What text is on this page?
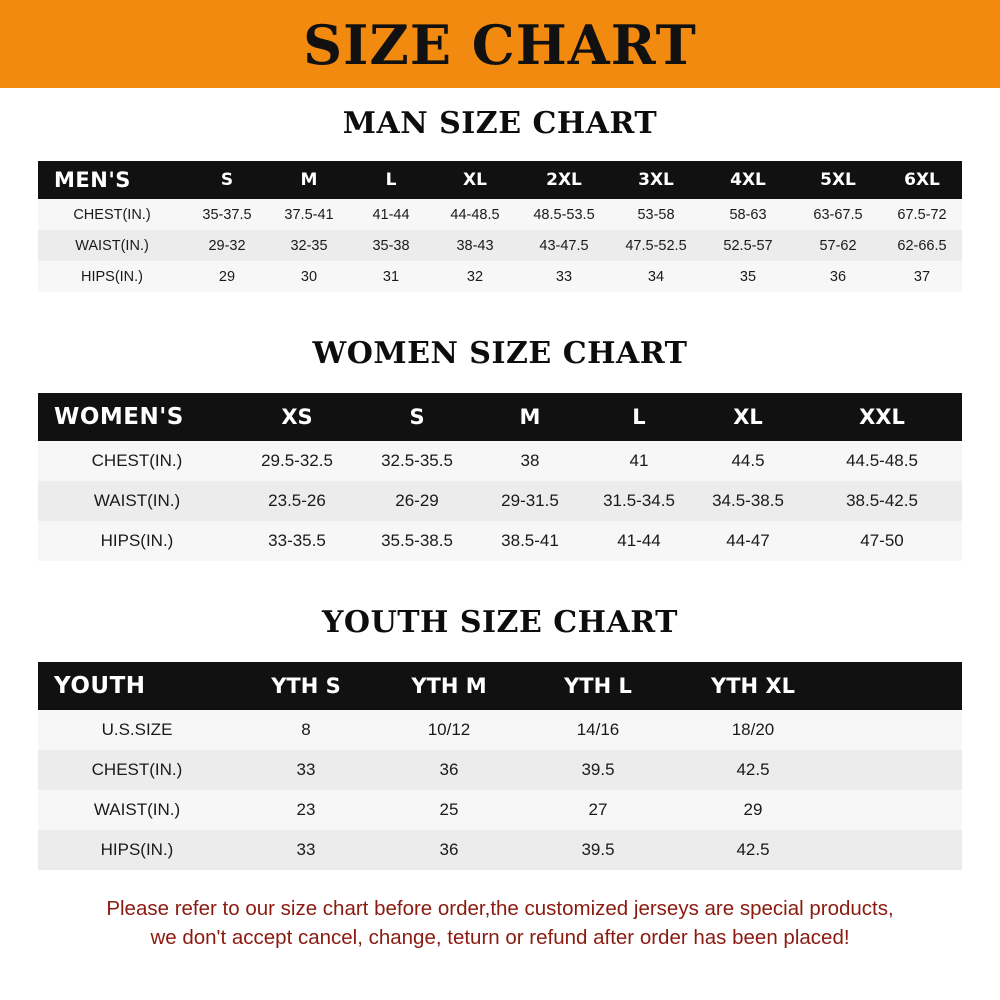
SIZE CHART
MAN SIZE CHART
MEN'S	S	M	L	XL	2XL	3XL	4XL	5XL	6XL
CHEST(IN.)	35-37.5	37.5-41	41-44	44-48.5	48.5-53.5	53-58	58-63	63-67.5	67.5-72
WAIST(IN.)	29-32	32-35	35-38	38-43	43-47.5	47.5-52.5	52.5-57	57-62	62-66.5
HIPS(IN.)	29	30	31	32	33	34	35	36	37
WOMEN SIZE CHART
WOMEN'S	XS	S	M	L	XL	XXL
CHEST(IN.)	29.5-32.5	32.5-35.5	38	41	44.5	44.5-48.5
WAIST(IN.)	23.5-26	26-29	29-31.5	31.5-34.5	34.5-38.5	38.5-42.5
HIPS(IN.)	33-35.5	35.5-38.5	38.5-41	41-44	44-47	47-50
YOUTH SIZE CHART
YOUTH	YTH S	YTH M	YTH L	YTH XL	
U.S.SIZE	8	10/12	14/16	18/20	
CHEST(IN.)	33	36	39.5	42.5	
WAIST(IN.)	23	25	27	29	
HIPS(IN.)	33	36	39.5	42.5	
Please refer to our size chart before order,the customized jerseys are special products,
we don't accept cancel, change, teturn or refund after order has been placed!
